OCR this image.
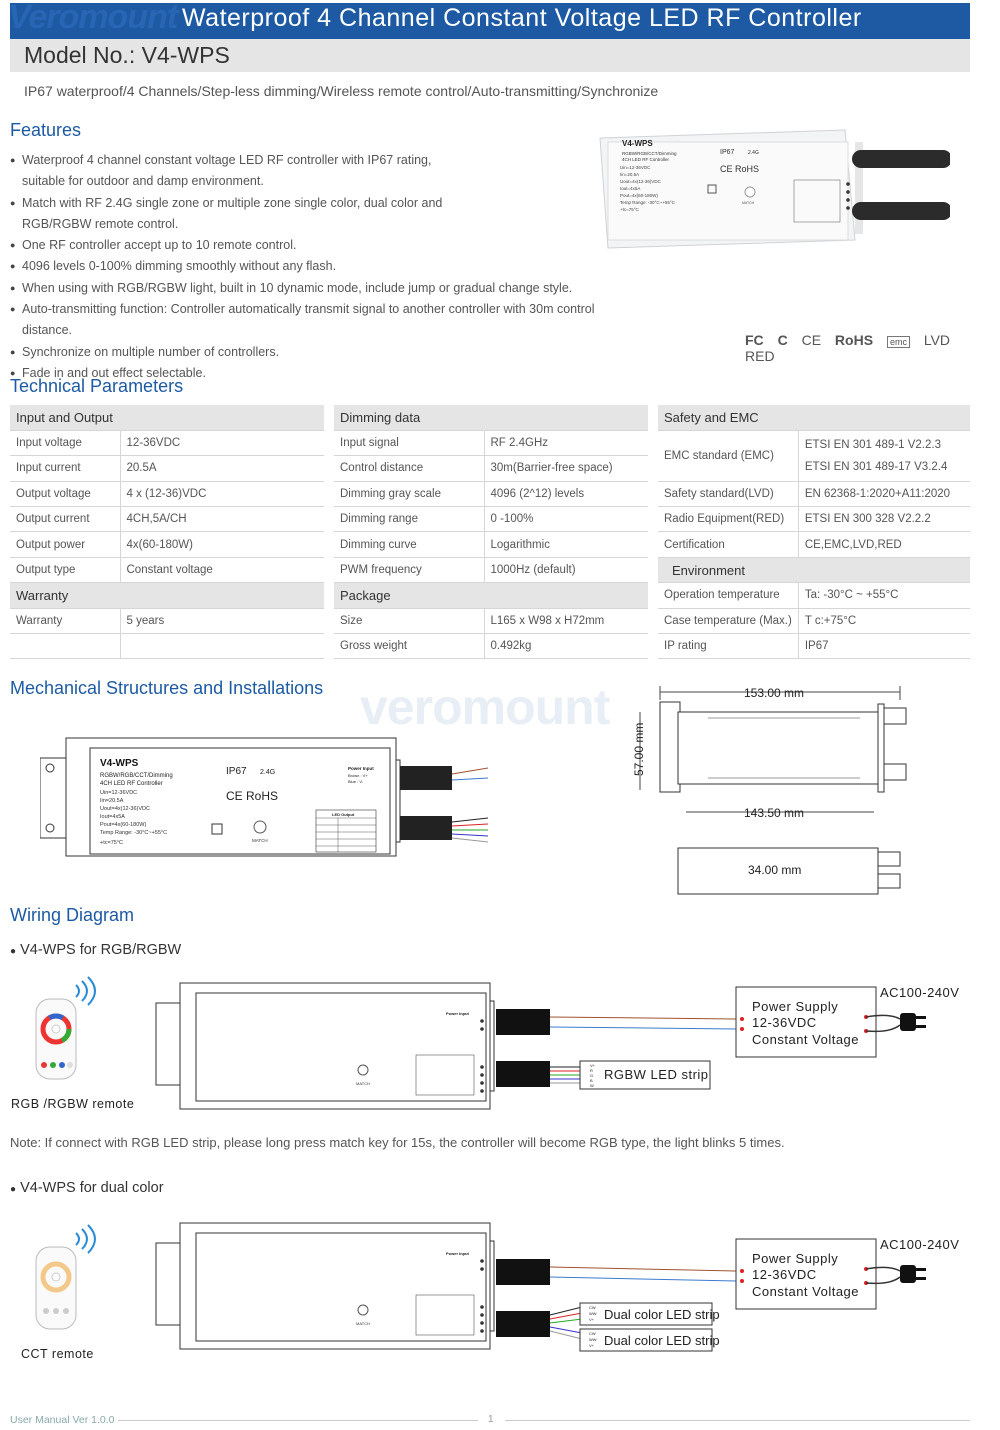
Waterproof 4 Channel Constant Voltage LED RF Controller
Veromount
Model No.: V4-WPS
IP67 waterproof/4 Channels/Step-less dimming/Wireless remote control/Auto-transmitting/Synchronize
Features
● Waterproof 4 channel constant voltage LED RF controller with IP67 rating,
suitable for outdoor and damp environment.
● Match with RF 2.4G single zone or multiple zone single color, dual color and
RGB/RGBW remote control.
● One RF controller accept up to 10 remote control.
● 4096 levels 0-100% dimming smoothly without any flash.
● When using with RGB/RGBW light, built in 10 dynamic mode, include jump or gradual change style.
● Auto-transmitting function: Controller automatically transmit signal to another controller with 30m control distance.
● Synchronize on multiple number of controllers.
● Fade in and out effect selectable.
V4-WPS
RGBW/RGB/CCT/Dimming
4CH LED RF Controller
Uin=12-36VDC
Iin=20.5A
Uout=4x(12-36)VDC
Iout=4x5A
Pout=4x(60-180W)
Temp Range: -30°C~+55°C
+tc=75°C
IP67	2.4G
CE RoHS
MATCH
FC C CE RoHS emc LVD RED
Technical Parameters
Input and Output	
Input voltage	12-36VDC
Input current	20.5A
Output voltage	4 x (12-36)VDC
Output current	4CH,5A/CH
Output power	4x(60-180W)
Output type	Constant voltage
Warranty	
Warranty	5 years

Dimming data	
Input signal	RF 2.4GHz
Control distance	30m(Barrier-free space)
Dimming gray scale	4096 (2^12) levels
Dimming range	0 -100%
Dimming curve	Logarithmic
PWM frequency	1000Hz (default)
Package	
Size	L165 x W98 x H72mm
Gross weight	0.492kg
Safety and EMC	
EMC standard (EMC)	ETSI EN 301 489-1 V2.2.3
ETSI EN 301 489-17 V3.2.4

Safety standard(LVD)	EN 62368-1:2020+A11:2020
Radio Equipment(RED)	ETSI EN 300 328 V2.2.2
Certification	CE,EMC,LVD,RED
Environment	
Operation temperature	Ta: -30°C ~ +55°C
Case temperature (Max.)	T c:+75°C
IP rating	IP67
Mechanical Structures and Installations veromount
V4-WPS
RGBW/RGB/CCT/Dimming
4CH LED RF Controller
Uin=12-36VDC
Iin=20.5A
Uout=4x(12-36)VDC
Iout=4x5A
Pout=4x(60-180W)
Temp Range: -30°C~+55°C
+tc=75°C
IP67 2.4G
CE RoHS
MATCH
Power Input
Brown : V+
Blue : V-
LED Output
153.00 mm
57.00 mm
143.50 mm
34.00 mm
Wiring Diagram
● V4-WPS for RGB/RGBW
MATCH
Power Input
V+
R
G
B
W
Power Supply
12-36VDC
Constant Voltage
AC100-240V
RGBW LED strip
RGB /RGBW remote
Note: If connect with RGB LED strip, please long press match key for 15s, the controller will become RGB type, the light blinks 5 times.
● V4-WPS for dual color
MATCH
Power Input
CW
WW
V+
CW
WW
V+
Power Supply
12-36VDC
Constant Voltage
AC100-240V
Dual color LED strip
Dual color LED strip
CCT remote
User Manual Ver 1.0.0	1
